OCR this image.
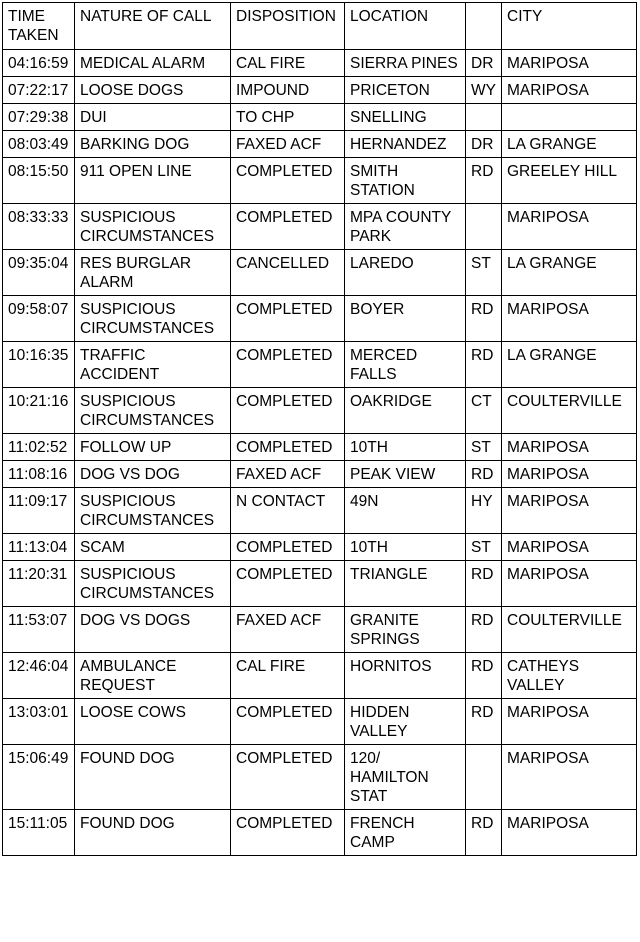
TIME TAKEN	NATURE OF CALL	DISPOSITION	LOCATION		CITY
04:16:59	MEDICAL ALARM	CAL FIRE	SIERRA PINES	DR	MARIPOSA
07:22:17	LOOSE DOGS	IMPOUND	PRICETON	WY	MARIPOSA
07:29:38	DUI	TO CHP	SNELLING		
08:03:49	BARKING DOG	FAXED ACF	HERNANDEZ	DR	LA GRANGE
08:15:50	911 OPEN LINE	COMPLETED	SMITH STATION	RD	GREELEY HILL
08:33:33	SUSPICIOUS CIRCUMSTANCES	COMPLETED	MPA COUNTY PARK		MARIPOSA
09:35:04	RES BURGLAR ALARM	CANCELLED	LAREDO	ST	LA GRANGE
09:58:07	SUSPICIOUS CIRCUMSTANCES	COMPLETED	BOYER	RD	MARIPOSA
10:16:35	TRAFFIC ACCIDENT	COMPLETED	MERCED FALLS	RD	LA GRANGE
10:21:16	SUSPICIOUS CIRCUMSTANCES	COMPLETED	OAKRIDGE	CT	COULTERVILLE
11:02:52	FOLLOW UP	COMPLETED	10TH	ST	MARIPOSA
11:08:16	DOG VS DOG	FAXED ACF	PEAK VIEW	RD	MARIPOSA
11:09:17	SUSPICIOUS CIRCUMSTANCES	N CONTACT	49N	HY	MARIPOSA
11:13:04	SCAM	COMPLETED	10TH	ST	MARIPOSA
11:20:31	SUSPICIOUS CIRCUMSTANCES	COMPLETED	TRIANGLE	RD	MARIPOSA
11:53:07	DOG VS DOGS	FAXED ACF	GRANITE SPRINGS	RD	COULTERVILLE
12:46:04	AMBULANCE REQUEST	CAL FIRE	HORNITOS	RD	CATHEYS VALLEY
13:03:01	LOOSE COWS	COMPLETED	HIDDEN VALLEY	RD	MARIPOSA
15:06:49	FOUND DOG	COMPLETED	120/ HAMILTON STAT		MARIPOSA
15:11:05	FOUND DOG	COMPLETED	FRENCH CAMP	RD	MARIPOSA
